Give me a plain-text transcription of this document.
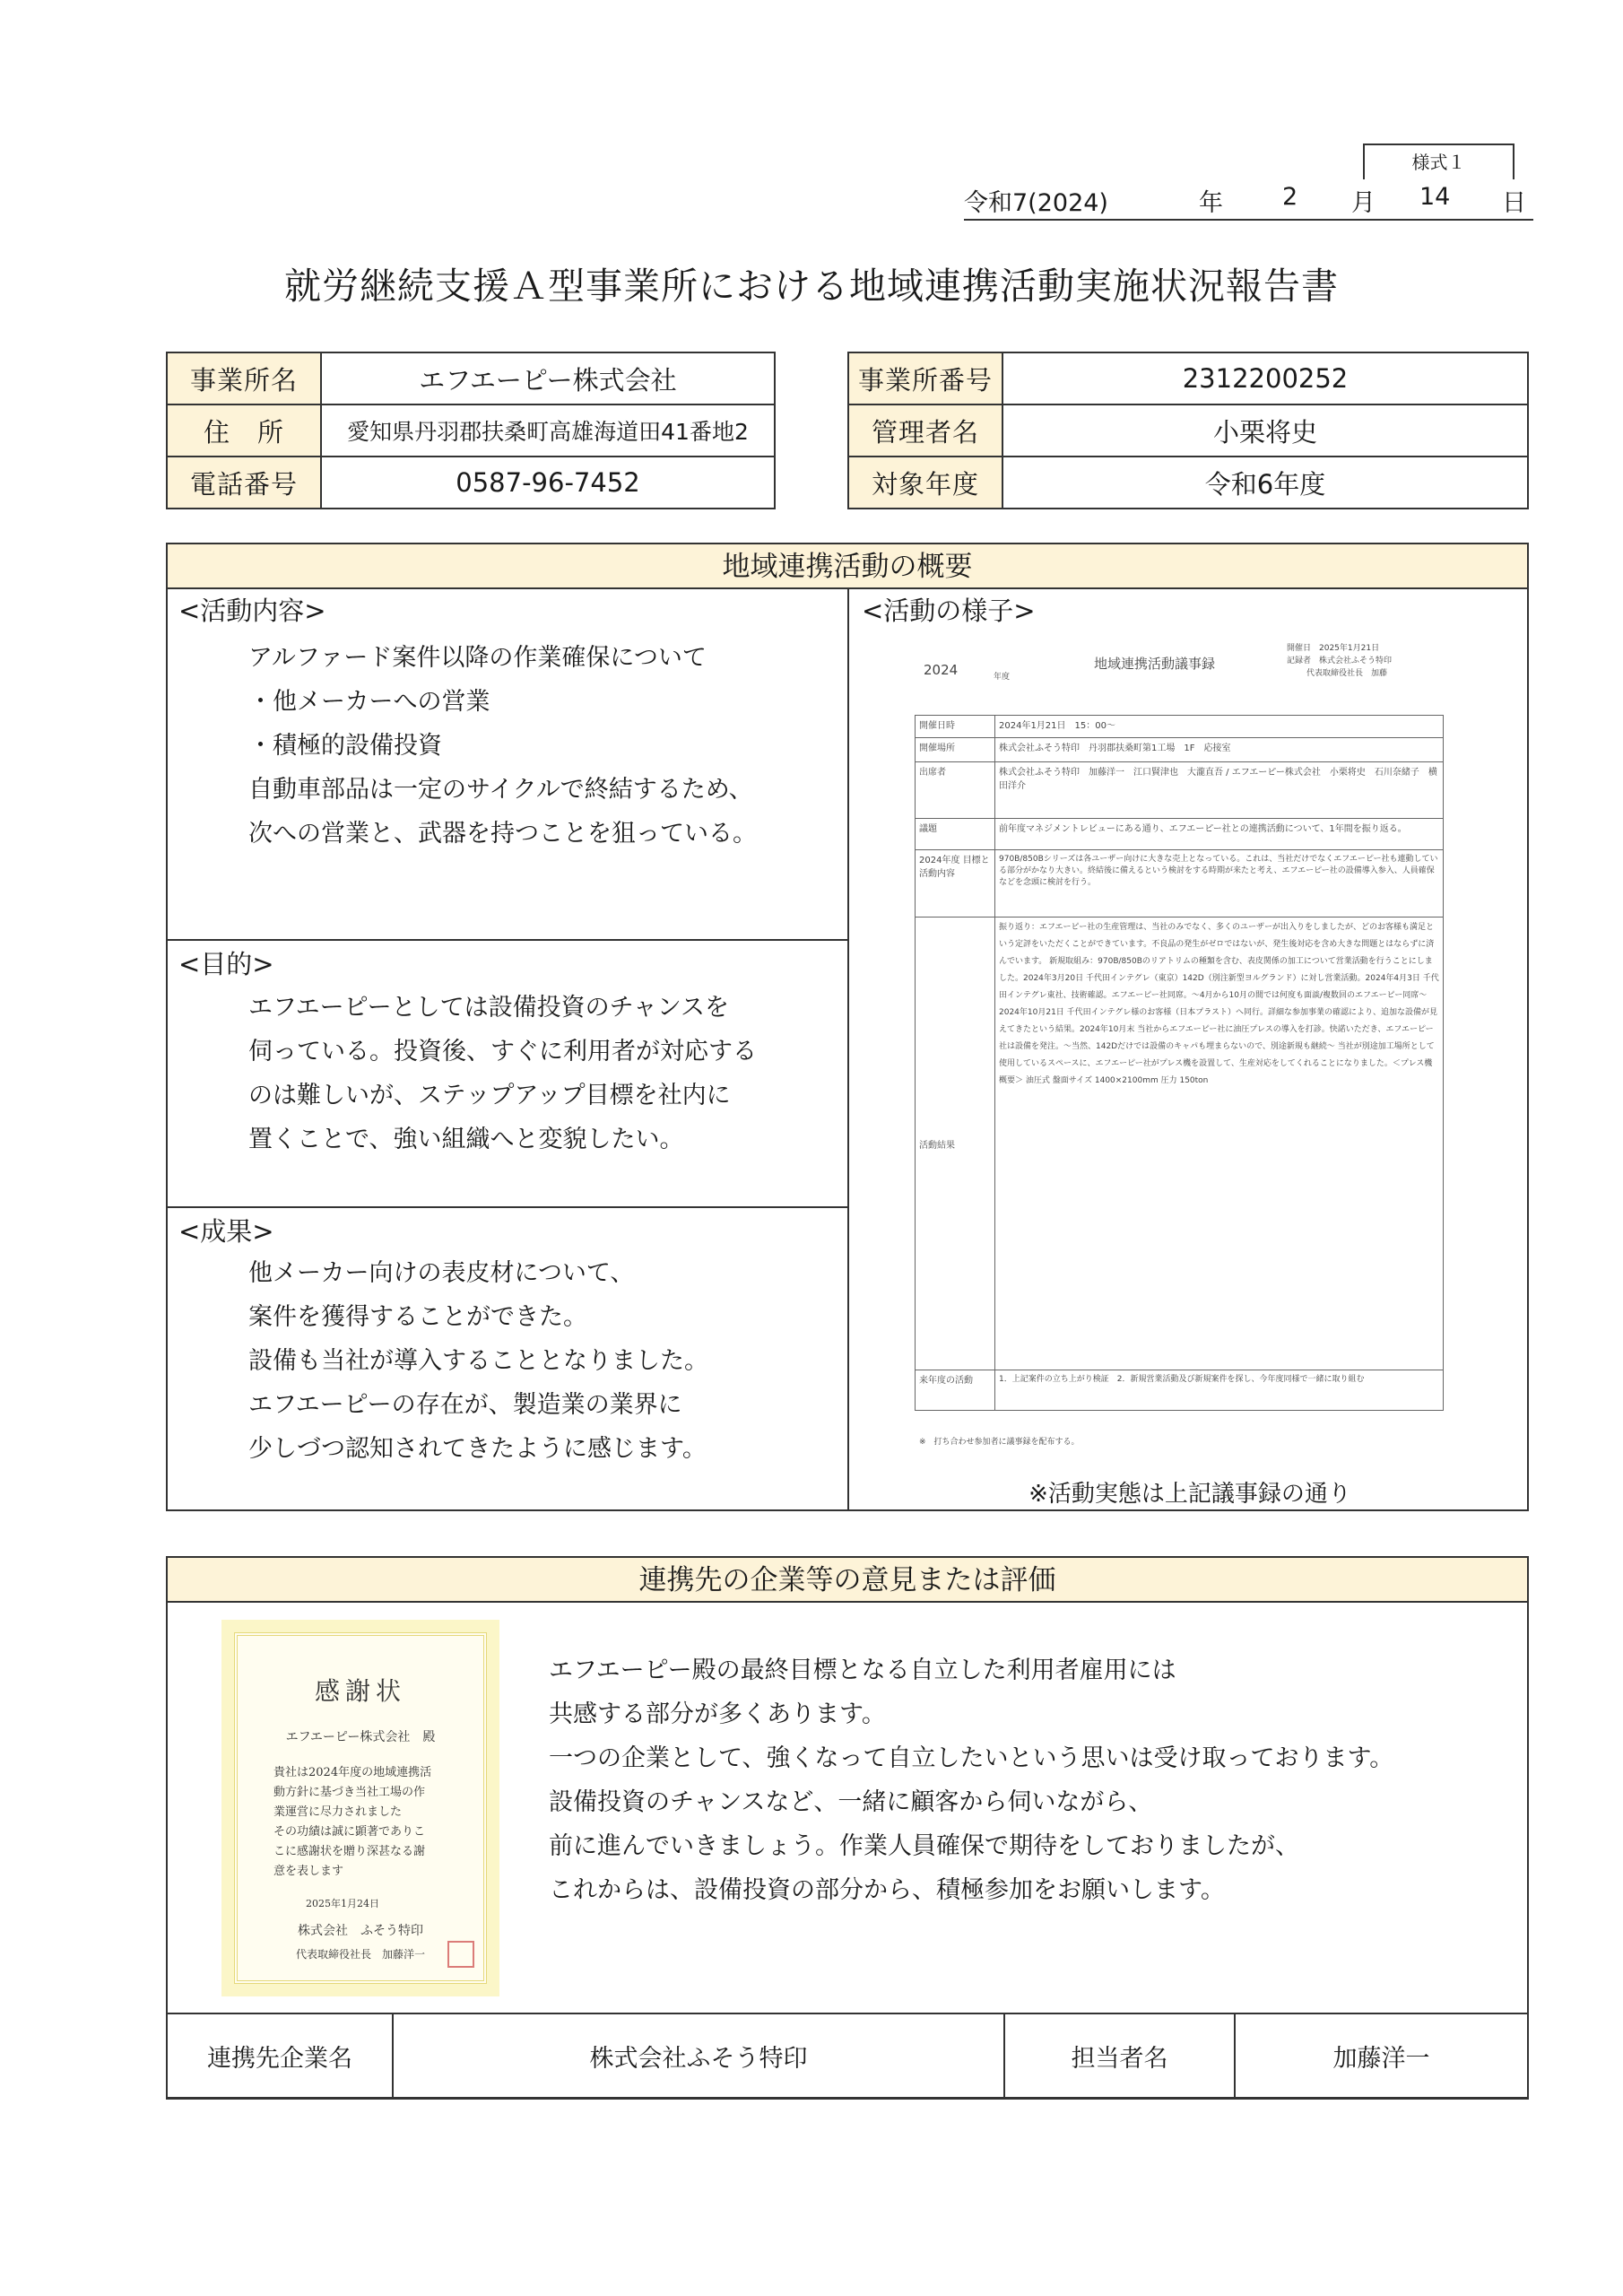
様式１
令和7(2024)	年 2 月 14 日
就労継続支援Ａ型事業所における地域連携活動実施状況報告書
事業所名	エフエーピー株式会社
住　所	愛知県丹羽郡扶桑町高雄海道田41番地2
電話番号	0587-96-7452
事業所番号	2312200252
管理者名	小栗将史
対象年度	令和6年度
地域連携活動の概要
<活動内容>
アルファード案件以降の作業確保について
・他メーカーへの営業
・積極的設備投資
自動車部品は一定のサイクルで終結するため、
次への営業と、武器を持つことを狙っている。
<目的>
エフエーピーとしては設備投資のチャンスを
伺っている。投資後、すぐに利用者が対応する
のは難しいが、ステップアップ目標を社内に
置くことで、強い組織へと変貌したい。
<成果>
他メーカー向けの表皮材について、
案件を獲得することができた。
設備も当社が導入することとなりました。
エフエーピーの存在が、製造業の業界に
少しづつ認知されてきたように感じます。
<活動の様子>
※活動実態は上記議事録の通り
2024	年度
地域連携活動議事録
開催日　2025年1月21日
記録者　株式会社ふそう特印
代表取締役社長　加藤
開催日時	2024年1月21日　15：00～
開催場所	株式会社ふそう特印　丹羽郡扶桑町第1工場　1F　応接室
出席者	株式会社ふそう特印　加藤洋一　江口賢津也　大瀧直吾 / エフエーピー株式会社　小栗将史　石川奈緒子　横田洋介
議題	前年度マネジメントレビューにある通り、エフエーピー社との連携活動について、1年間を振り返る。
2024年度 目標と活動内容	970B/850Bシリーズは各ユーザー向けに大きな売上となっている。これは、当社だけでなくエフエーピー社も連動している部分がかなり大きい。終結後に備えるという検討をする時期が来たと考え、エフエーピー社の設備導入参入、人員確保などを念頭に検討を行う。
活動結果	振り返り：エフエーピー社の生産管理は、当社のみでなく、多くのユーザーが出入りをしましたが、どのお客様も満足という定評をいただくことができています。不良品の発生がゼロではないが、発生後対応を含め大きな問題とはならずに済んでいます。 新規取組み：970B/850Bのリアトリムの種類を含む、表皮関係の加工について営業活動を行うことにしました。2024年3月20日 千代田インテグレ（東京）142D（別注新型ヨルグランド）に対し営業活動。2024年4月3日 千代田インテグレ東社、技術確認。エフエーピー社同席。～4月から10月の間では何度も面談/複数回のエフエーピー同席～ 2024年10月21日 千代田インテグレ様のお客様（日本プラスト）へ同行。詳細な参加事業の確認により、追加な設備が見えてきたという結果。2024年10月末 当社からエフエーピー社に油圧プレスの導入を打診。快諾いただき、エフエーピー社は設備を発注。～当然、142Dだけでは設備のキャパも埋まらないので、別途新規も継続～ 当社が別途加工場所として使用しているスペースに、エフエーピー社がプレス機を設置して、生産対応をしてくれることになりました。＜プレス機概要＞ 油圧式 盤面サイズ 1400×2100mm 圧力 150ton
来年度の活動	1．上記案件の立ち上がり検証　2．新規営業活動及び新規案件を探し、今年度同様で一緒に取り組む
※　打ち合わせ参加者に議事録を配布する。
連携先の企業等の意見または評価
感謝状
エフエーピー株式会社　殿
貴社は2024年度の地域連携活
動方針に基づき当社工場の作
業運営に尽力されました
その功績は誠に顕著でありこ
こに感謝状を贈り深甚なる謝
意を表します
2025年1月24日
株式会社　ふそう特印
代表取締役社長　加藤洋一
エフエーピー殿の最終目標となる自立した利用者雇用には
共感する部分が多くあります。
一つの企業として、強くなって自立したいという思いは受け取っております。
設備投資のチャンスなど、一緒に顧客から伺いながら、
前に進んでいきましょう。作業人員確保で期待をしておりましたが、
これからは、設備投資の部分から、積極参加をお願いします。
連携先企業名	株式会社ふそう特印	担当者名	加藤洋一
